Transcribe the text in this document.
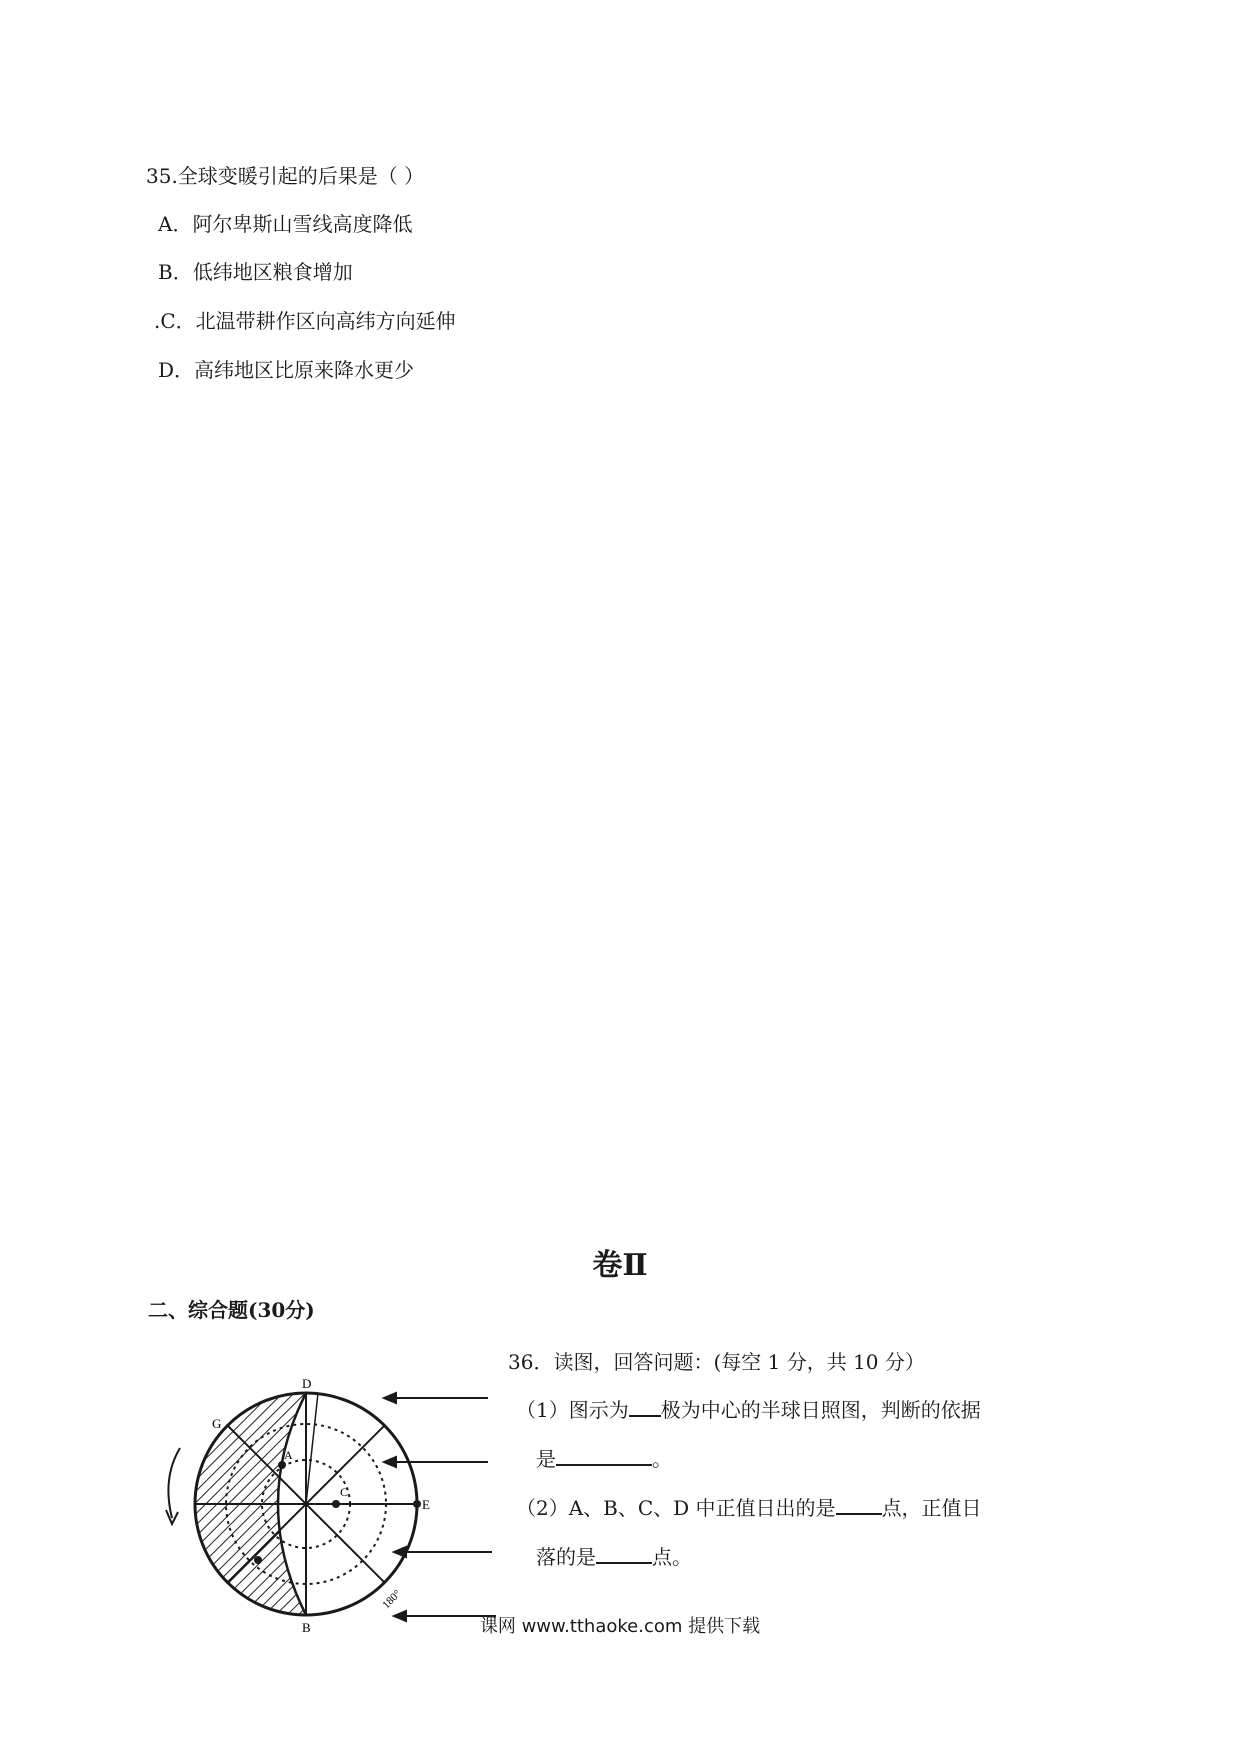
35.全球变暖引起的后果是（ ）
A．阿尔卑斯山雪线高度降低
B．低纬地区粮食增加
.C．北温带耕作区向高纬方向延伸
D．高纬地区比原来降水更少
卷Ⅱ
二、综合题(30分)
36．读图，回答问题：(每空 1 分，共 10 分）
（1）图示为 极为中心的半球日照图，判断的依据
是	。
（2）A、B、C、D 中正值日出的是 点，正值日
落的是	点。
D
B
E
G
A
C
180°
课网 www.tthaoke.com 提供下载
